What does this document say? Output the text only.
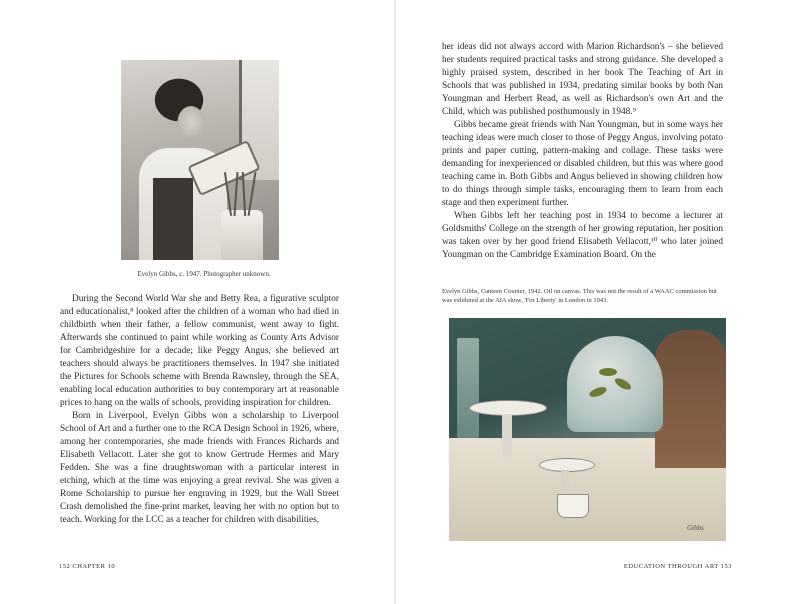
Evelyn Gibbs, c. 1947. Photographer unknown.

During the Second World War she and Betty Rea, a figurative sculptor and educationalist,⁸ looked after the children of a woman who had died in childbirth when their father, a fellow communist, went away to fight. Afterwards she continued to paint while working as County Arts Advisor for Cambridgeshire for a decade; like Peggy Angus, she believed art teachers should always be practitioners themselves. In 1947 she initiated the Pictures for Schools scheme with Brenda Rawnsley, through the SEA, enabling local education authorities to buy contemporary art at reasonable prices to hang on the walls of schools, providing inspiration for children.

Born in Liverpool, Evelyn Gibbs won a scholarship to Liverpool School of Art and a further one to the RCA Design School in 1926, where, among her contemporaries, she made friends with Frances Richards and Elisabeth Vellacott. Later she got to know Gertrude Hermes and Mary Fedden. She was a fine draughtswoman with a particular interest in etching, which at the time was enjoying a great revival. She was given a Rome Scholarship to pursue her engraving in 1929, but the Wall Street Crash demolished the fine-print market, leaving her with no option but to teach. Working for the LCC as a teacher for children with disabilities,

152 CHAPTER 10

her ideas did not always accord with Marion Richardson's – she believed her students required practical tasks and strong guidance. She developed a highly praised system, described in her book The Teaching of Art in Schools that was published in 1934, predating similar books by both Nan Youngman and Herbert Read, as well as Richardson's own Art and the Child, which was published posthumously in 1948.⁹

Gibbs became great friends with Nan Youngman, but in some ways her teaching ideas were much closer to those of Peggy Angus, involving potato prints and paper cutting, pattern-making and collage. These tasks were demanding for inexperienced or disabled children, but this was where good teaching came in. Both Gibbs and Angus believed in showing children how to do things through simple tasks, encouraging them to learn from each stage and then experiment further.

When Gibbs left her teaching post in 1934 to become a lecturer at Goldsmiths' College on the strength of her growing reputation, her position was taken over by her good friend Elisabeth Vellacott,¹⁰ who later joined Youngman on the Cambridge Examination Board. On the

Evelyn Gibbs, Canteen Counter, 1942. Oil on canvas. This was not the result of a WAAC commission but was exhibited at the AIA show, 'For Liberty' in London in 1943.
Gibbs
EDUCATION THROUGH ART 153
